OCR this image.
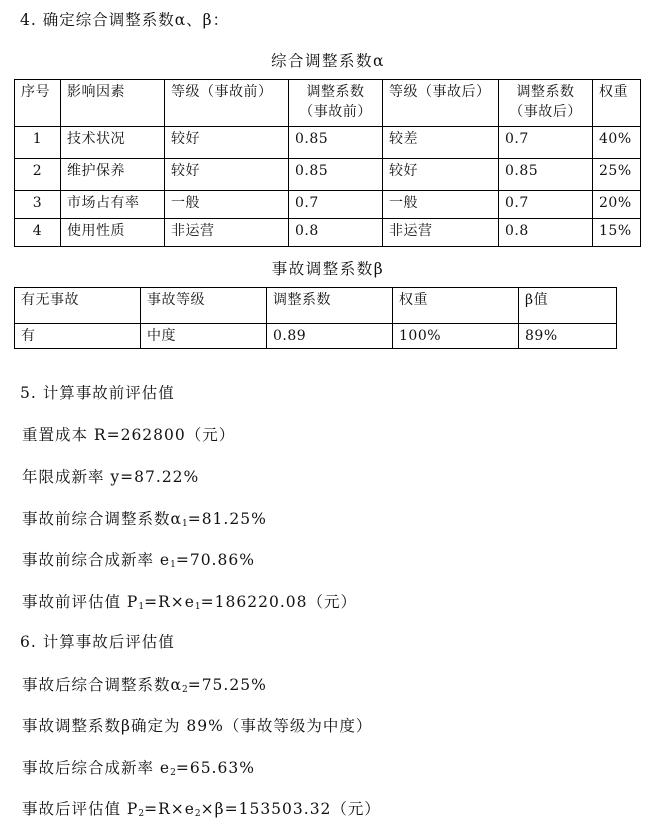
4. 确定综合调整系数α、β：
综合调整系数α
序号	影响因素	等级（事故前）	调整系数（事故前）	等级（事故后）	调整系数（事故后）	权重
1	技术状况	较好	0.85	较差	0.7	40%
2	维护保养	较好	0.85	较好	0.85	25%
3	市场占有率	一般	0.7	一般	0.7	20%
4	使用性质	非运营	0.8	非运营	0.8	15%
事故调整系数β
有无事故	事故等级	调整系数	权重	β值
有	中度	0.89	100%	89%
5. 计算事故前评估值
重置成本 R=262800（元）
年限成新率 y=87.22%
事故前综合调整系数$\alpha_1=81.25\%$
事故前综合成新率 $e_1=70.86\%$
事故前评估值 $P_1=R\times e_1=186220.08$（元）
6. 计算事故后评估值
事故后综合调整系数$\alpha_2=75.25\%$
事故调整系数β确定为 89%（事故等级为中度）
事故后综合成新率 $e_2=65.63\%$
事故后评估值 $P_2=R\times e_2\times\beta=153503.32$（元）
